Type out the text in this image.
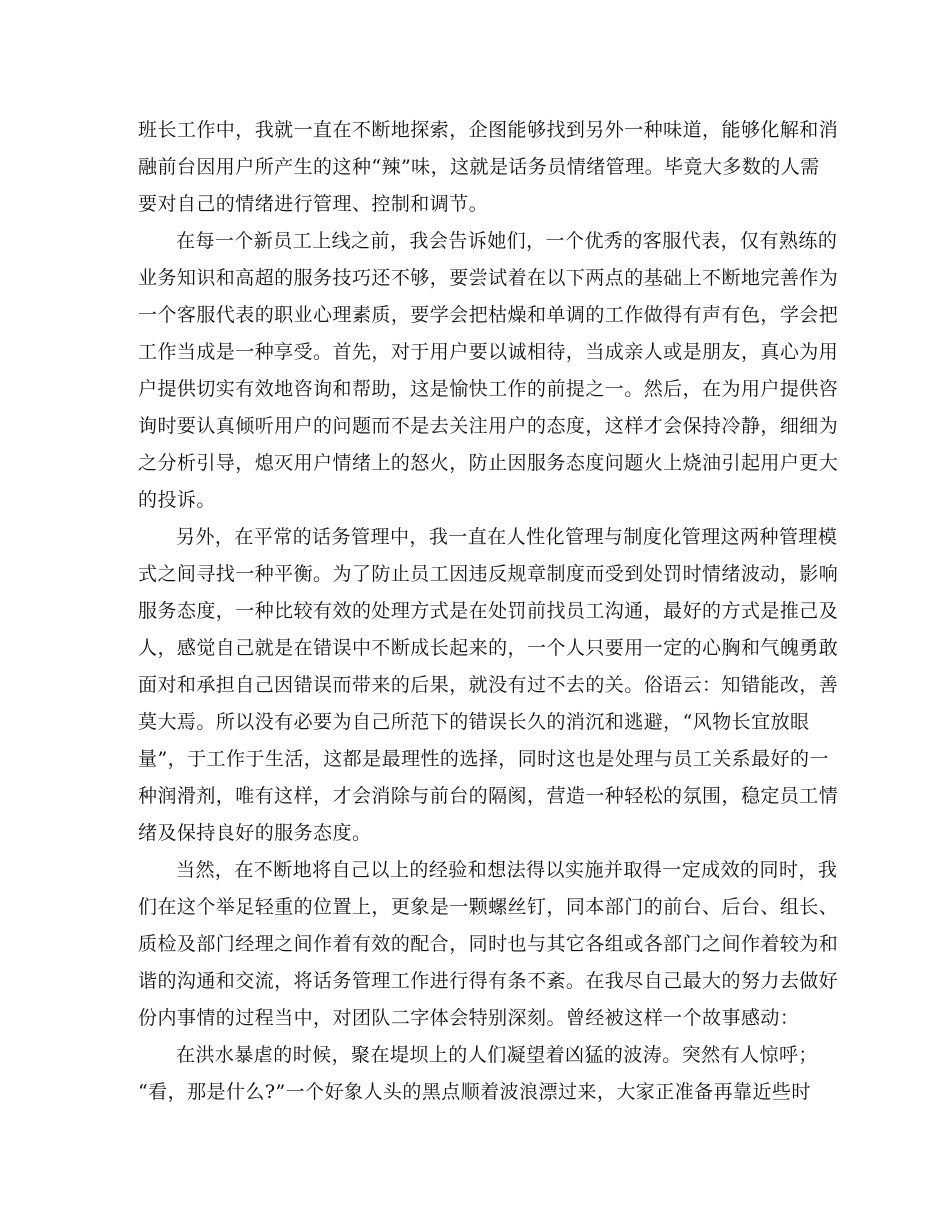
班长工作中，我就一直在不断地探索，企图能够找到另外一种味道，能够化解和消
融前台因用户所产生的这种“辣”味，这就是话务员情绪管理。毕竟大多数的人需
要对自己的情绪进行管理、控制和调节。
在每一个新员工上线之前，我会告诉她们，一个优秀的客服代表，仅有熟练的
业务知识和高超的服务技巧还不够，要尝试着在以下两点的基础上不断地完善作为
一个客服代表的职业心理素质，要学会把枯燥和单调的工作做得有声有色，学会把
工作当成是一种享受。首先，对于用户要以诚相待，当成亲人或是朋友，真心为用
户提供切实有效地咨询和帮助，这是愉快工作的前提之一。然后，在为用户提供咨
询时要认真倾听用户的问题而不是去关注用户的态度，这样才会保持冷静，细细为
之分析引导，熄灭用户情绪上的怒火，防止因服务态度问题火上烧油引起用户更大
的投诉。
另外，在平常的话务管理中，我一直在人性化管理与制度化管理这两种管理模
式之间寻找一种平衡。为了防止员工因违反规章制度而受到处罚时情绪波动，影响
服务态度，一种比较有效的处理方式是在处罚前找员工沟通，最好的方式是推己及
人，感觉自己就是在错误中不断成长起来的，一个人只要用一定的心胸和气魄勇敢
面对和承担自己因错误而带来的后果，就没有过不去的关。俗语云：知错能改，善
莫大焉。所以没有必要为自己所范下的错误长久的消沉和逃避，“风物长宜放眼
量”，于工作于生活，这都是最理性的选择，同时这也是处理与员工关系最好的一
种润滑剂，唯有这样，才会消除与前台的隔阂，营造一种轻松的氛围，稳定员工情
绪及保持良好的服务态度。
当然，在不断地将自己以上的经验和想法得以实施并取得一定成效的同时，我
们在这个举足轻重的位置上，更象是一颗螺丝钉，同本部门的前台、后台、组长、
质检及部门经理之间作着有效的配合，同时也与其它各组或各部门之间作着较为和
谐的沟通和交流，将话务管理工作进行得有条不紊。在我尽自己最大的努力去做好
份内事情的过程当中，对团队二字体会特别深刻。曾经被这样一个故事感动：
在洪水暴虐的时候，聚在堤坝上的人们凝望着凶猛的波涛。突然有人惊呼；
“看，那是什么?”一个好象人头的黑点顺着波浪漂过来，大家正准备再靠近些时
